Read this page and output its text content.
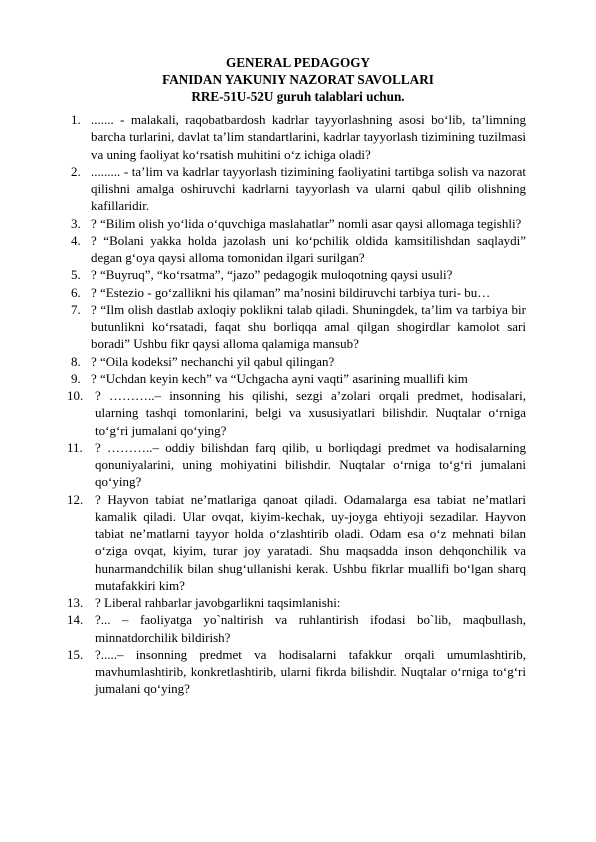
GENERAL PEDAGOGY
FANIDAN YAKUNIY NAZORAT SAVOLLARI
RRE-51U-52U guruh talablari uchun.
1. ....... - malakali, raqobatbardosh kadrlar tayyorlashning asosi bo‘lib, ta’limning barcha turlarini, davlat ta’lim standartlarini, kadrlar tayyorlash tizimining tuzilmasi va uning faoliyat ko‘rsatish muhitini o‘z ichiga oladi?
2. ......... - ta’lim va kadrlar tayyorlash tizimining faoliyatini tartibga solish va nazorat qilishni amalga oshiruvchi kadrlarni tayyorlash va ularni qabul qilib olishning kafillaridir.
3. ? “Bilim olish yo‘lida o‘quvchiga maslahatlar” nomli asar qaysi allomaga tegishli?
4. ? “Bolani yakka holda jazolash uni ko‘pchilik oldida kamsitilishdan saqlaydi” degan g‘oya qaysi alloma tomonidan ilgari surilgan?
5. ? “Buyruq”, “ko‘rsatma”, “jazo” pedagogik muloqotning qaysi usuli?
6. ? “Estezio - go‘zallikni his qilaman” ma’nosini bildiruvchi tarbiya turi- bu…
7. ? “Ilm olish dastlab axloqiy poklikni talab qiladi. Shuningdek, ta’lim va tarbiya bir butunlikni ko‘rsatadi, faqat shu borliqqa amal qilgan shogirdlar kamolot sari boradi” Ushbu fikr qaysi alloma qalamiga mansub?
8. ? “Oila kodeksi” nechanchi yil qabul qilingan?
9. ? “Uchdan keyin kech” va “Uchgacha ayni vaqti” asarining muallifi kim
10. ? ………..– insonning his qilishi, sezgi a’zolari orqali predmet, hodisalari, ularning tashqi tomonlarini, belgi va xususiyatlari bilishdir. Nuqtalar o‘rniga to‘g‘ri jumalani qo‘ying?
11. ? ………..– oddiy bilishdan farq qilib, u borliqdagi predmet va hodisalarning qonuniyalarini, uning mohiyatini bilishdir. Nuqtalar o‘rniga to‘g‘ri jumalani qo‘ying?
12. ? Hayvon tabiat ne’matlariga qanoat qiladi. Odamalarga esa tabiat ne’matlari kamalik qiladi. Ular ovqat, kiyim-kechak, uy-joyga ehtiyoji sezadilar. Hayvon tabiat ne’matlarni tayyor holda o‘zlashtirib oladi. Odam esa o‘z mehnati bilan o‘ziga ovqat, kiyim, turar joy yaratadi. Shu maqsadda inson dehqonchilik va hunarmandchilik bilan shug‘ullanishi kerak. Ushbu fikrlar muallifi bo‘lgan sharq mutafakkiri kim?
13. ? Liberal rahbarlar javobgarlikni taqsimlanishi:
14. ?... – faoliyatga yo`naltirish va ruhlantirish ifodasi bo`lib, maqbullash, minnatdorchilik bildirish?
15. ?.....– insonning predmet va hodisalarni tafakkur orqali umumlashtirib, mavhumlashtirib, konkretlashtirib, ularni fikrda bilishdir. Nuqtalar o‘rniga to‘g‘ri jumalani qo‘ying?
